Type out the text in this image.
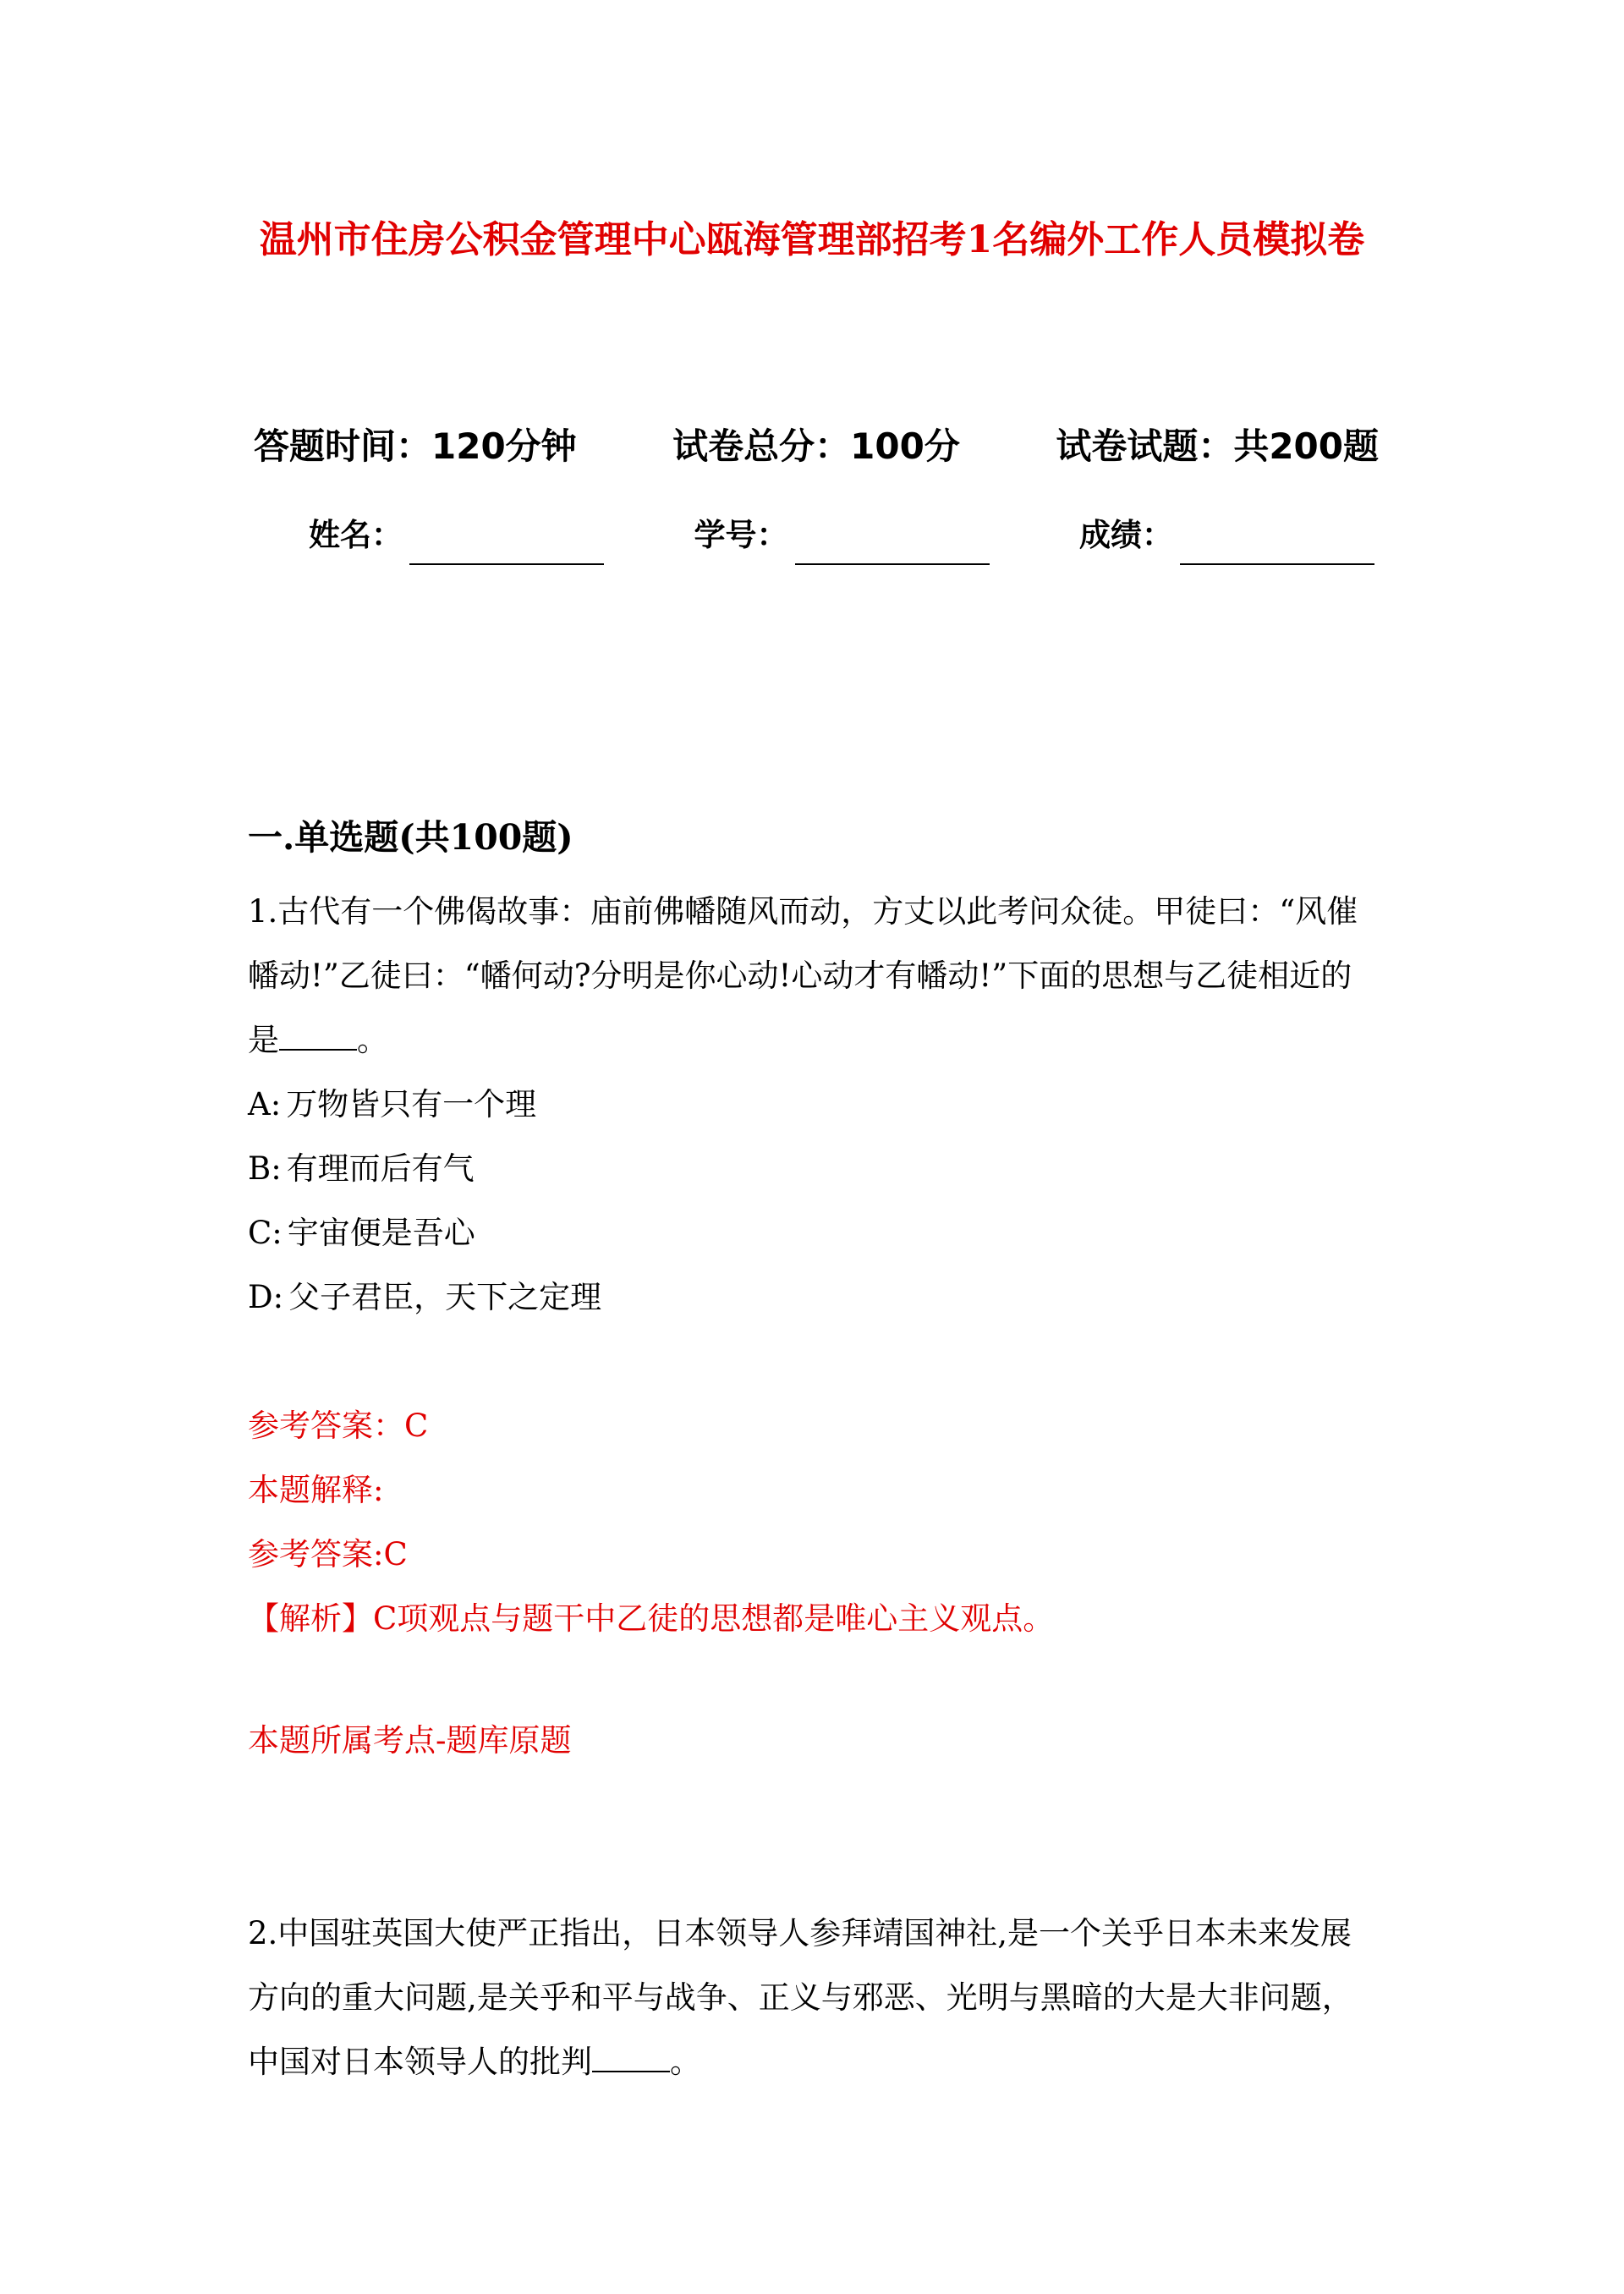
温州市住房公积金管理中心瓯海管理部招考1名编外工作人员模拟卷
答题时间：120分钟	试卷总分：100分	试卷试题：共200题
姓名：	学号：	成绩：
一.单选题(共100题)
1.古代有一个佛偈故事：庙前佛幡随风而动，方丈以此考问众徒。甲徒曰：“风催幡动!”乙徒曰：“幡何动?分明是你心动!心动才有幡动!”下面的思想与乙徒相近的是 。
A: 万物皆只有一个理
B: 有理而后有气
C: 宇宙便是吾心
D: 父子君臣，天下之定理
参考答案：C
本题解释:
参考答案:C
【解析】C项观点与题干中乙徒的思想都是唯心主义观点。
本题所属考点-题库原题
2.中国驻英国大使严正指出，日本领导人参拜靖国神社,是一个关乎日本未来发展方向的重大问题,是关乎和平与战争、正义与邪恶、光明与黑暗的大是大非问题，中国对日本领导人的批判 。
